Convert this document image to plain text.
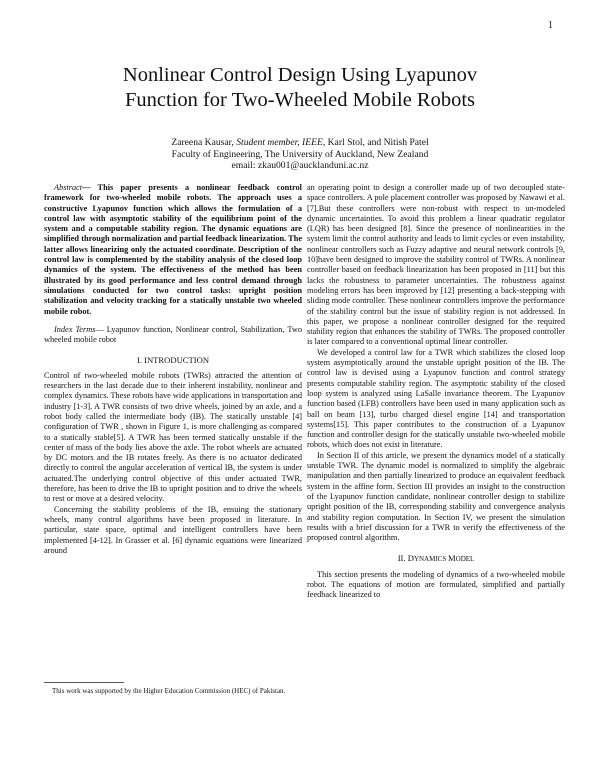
1
Nonlinear Control Design Using Lyapunov
Function for Two-Wheeled Mobile Robots
Zareena Kausar, Student member, IEEE, Karl Stol, and Nitish Patel
Faculty of Engineering, The University of Auckland, New Zealand
email: zkau001@aucklanduni.ac.nz

Abstract— This paper presents a nonlinear feedback control framework for two-wheeled mobile robots. The approach uses a constructive Lyapunov function which allows the formulation of a control law with asymptotic stability of the equilibrium point of the system and a computable stability region. The dynamic equations are simplified through normalization and partial feedback linearization. The latter allows linearizing only the actuated coordinate. Description of the control law is complemented by the stability analysis of the closed loop dynamics of the system. The effectiveness of the method has been illustrated by its good performance and less control demand through simulations conducted for two control tasks: upright position stabilization and velocity tracking for a statically unstable two wheeled mobile robot.

Index Terms— Lyapunov function, Nonlinear control, Stabilization, Two wheeled mobile robot

I. INTRODUCTION

Control of two-wheeled mobile robots (TWRs) attracted the attention of researchers in the last decade due to their inherent instability, nonlinear and complex dynamics. These robots have wide applications in transportation and industry [1-3]. A TWR consists of two drive wheels, joined by an axle, and a robot body called the intermediate body (IB). The statically unstable [4] configuration of TWR , shown in Figure 1, is more challenging as compared to a statically stable[5]. A TWR has been termed statically unstable if the center of mass of the body lies above the axle. The robot wheels are actuated by DC motors and the IB rotates freely. As there is no actuator dedicated directly to control the angular acceleration of vertical IB, the system is under actuated.The underlying control objective of this under actuated TWR, therefore, has been to drive the IB to upright position and to drive the wheels to rest or move at a desired velocity.

Concerning the stability problems of the IB, ensuing the stationary wheels, many control algorithms have been proposed in literature. In particular, state space, optimal and intelligent controllers have been implemented [4-12]. In Grasser et al. [6] dynamic equations were linearized around

an operating point to design a controller made up of two decoupled state-space controllers. A pole placement controller was proposed by Nawawi et al. [7].But these controllers were non-robust with respect to un-modeled dynamic uncertainties. To avoid this problem a linear quadratic regulator (LQR) has been designed [8]. Since the presence of nonlinearities in the system limit the control authority and leads to limit cycles or even instability, nonlinear controllers such as Fuzzy adaptive and neural network controls [9, 10]have been designed to improve the stability control of TWRs. A nonlinear controller based on feedback linearization has been proposed in [11] but this lacks the robustness to parameter uncertainties. The robustness against modeling errors has been improved by [12] presenting a back-stepping with sliding mode controller. These nonlinear controllers improve the performance of the stability control but the issue of stability region is not addressed. In this paper, we propose a nonlinear controller designed for the required stability region that enhances the stability of TWRs. The proposed controller is later compared to a conventional optimal linear controller.

We developed a control law for a TWR which stabilizes the closed loop system asymptotically around the unstable upright position of the IB. The control law is devised using a Lyapunov function and control strategy presents computable stability region. The asymptotic stability of the closed loop system is analyzed using LaSalle invariance theorem. The Lyapunov function based (LFB) controllers have been used in many application such as ball on beam [13], turbo charged diesel engine [14] and transportation systems[15]. This paper contributes to the construction of a Lyapunov function and controller design for the statically unstable two-wheeled mobile robots, which does not exist in literature.

In Section II of this article, we present the dynamics model of a statically unstable TWR. The dynamic model is normalized to simplify the algebraic manipulation and then partially linearized to produce an equivalent feedback system in the affine form. Section III provides an insight to the construction of the Lyapunov function candidate, nonlinear controller design to stabilize upright position of the IB, corresponding stability and convergence analysis and stability region computation. In Section IV, we present the simulation results with a brief discussion for a TWR to verify the effectiveness of the proposed control algorithm.

II. DYNAMICS MODEL

This section presents the modeling of dynamics of a two-wheeled mobile robot. The equations of motion are formulated, simplified and partially feedback linearized to

This work was supported by the Higher Education Commission (HEC) of Pakistan.
